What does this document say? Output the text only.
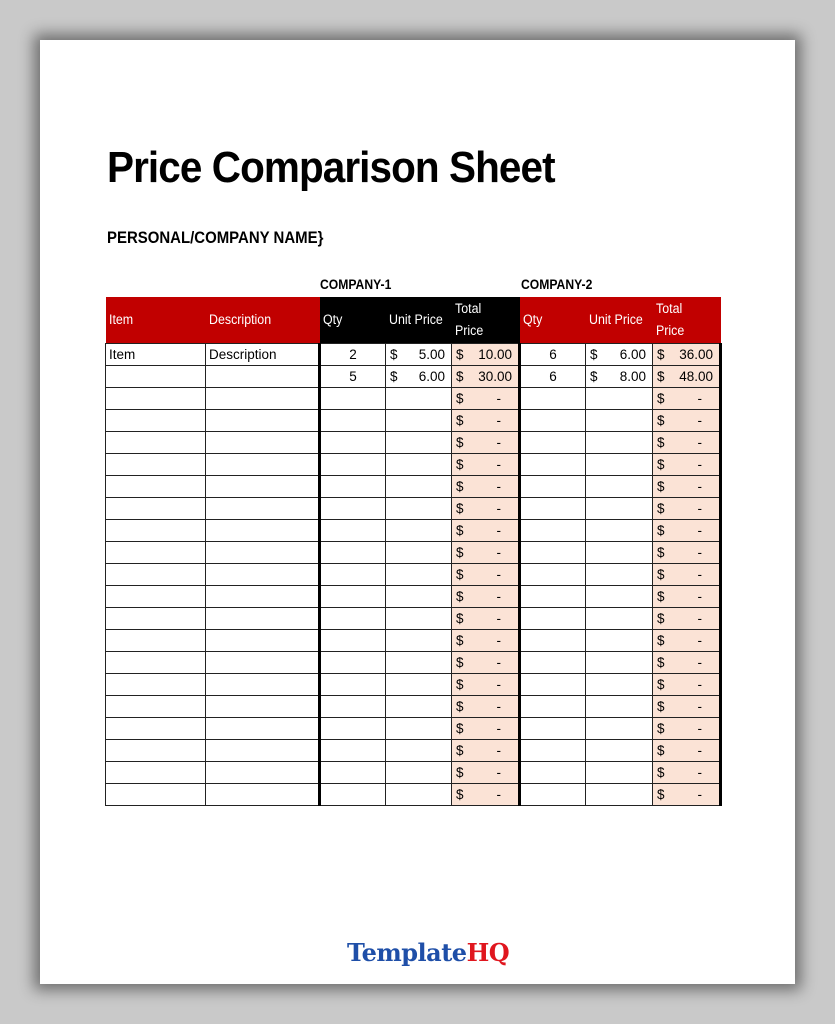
Price Comparison Sheet
PERSONAL/COMPANY NAME}
COMPANY-1	COMPANY-2
Item	Description	Qty	Unit Price	Total Price	Qty	Unit Price	Total Price
Item	Description	2	$ 5.00	$ 10.00	6	$ 6.00	$ 36.00

		5	$ 6.00	$ 30.00	6	$ 8.00	$ 48.00

				$ -			$ -

				$ -			$ -

				$ -			$ -

				$ -			$ -

				$ -			$ -

				$ -			$ -

				$ -			$ -

				$ -			$ -

				$ -			$ -

				$ -			$ -

				$ -			$ -

				$ -			$ -

				$ -			$ -

				$ -			$ -

				$ -			$ -

				$ -			$ -

				$ -			$ -

				$ -			$ -

				$ -			$ -
TemplateHQ
